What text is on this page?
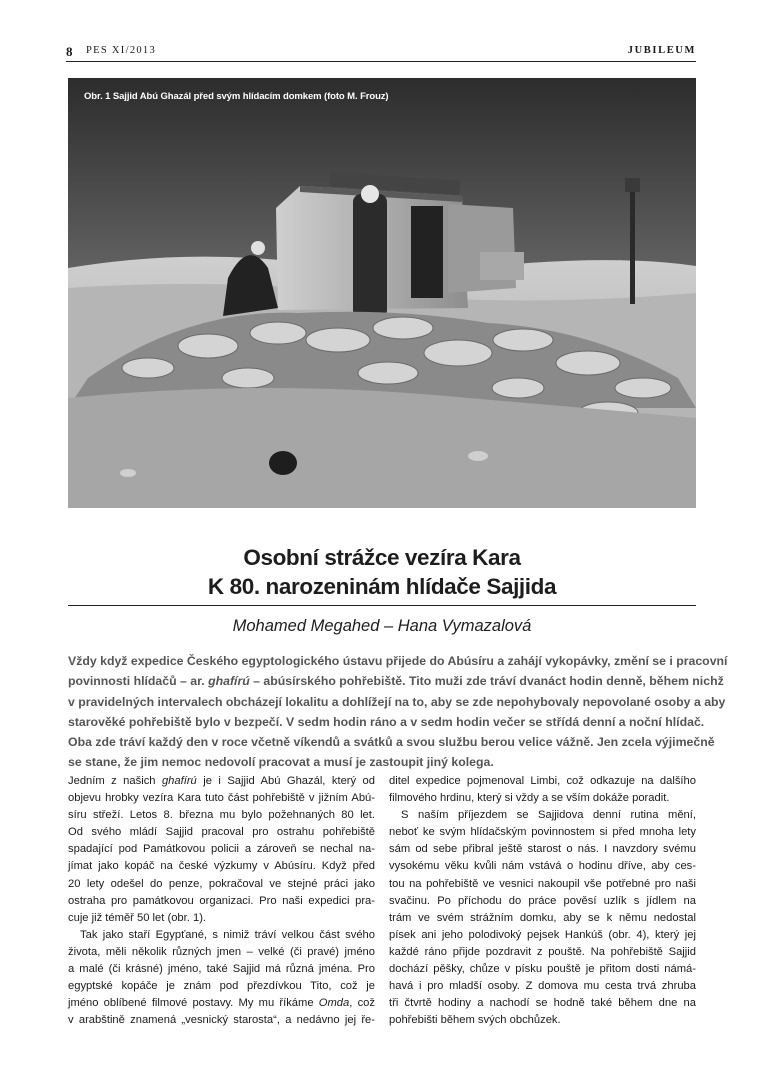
8 PES XI/2013	JUBILEUM
Obr. 1 Sajjid Abú Ghazál před svým hlídacím domkem (foto M. Frouz)
Osobní strážce vezíra Kara
K 80. narozeninám hlídače Sajjida
Mohamed Megahed – Hana Vymazalová
Vždy když expedice Českého egyptologického ústavu přijede do Abúsíru a zahájí vykopávky, změní se i pracovní
povinnosti hlídačů – ar. ghafírú – abúsírského pohřebiště. Tito muži zde tráví dvanáct hodin denně, během nichž
v pravidelných intervalech obcházejí lokalitu a dohlížejí na to, aby se zde nepohybovaly nepovolané osoby a aby
starověké pohřebiště bylo v bezpečí. V sedm hodin ráno a v sedm hodin večer se střídá denní a noční hlídač.
Oba zde tráví každý den v roce včetně víkendů a svátků a svou službu berou velice vážně. Jen zcela výjimečně
se stane, že jim nemoc nedovolí pracovat a musí je zastoupit jiný kolega.
Jedním z našich ghafírú je i Sajjid Abú Ghazál, který od
objevu hrobky vezíra Kara tuto část pohřebiště v jižním Abú-
síru střeží. Letos 8. března mu bylo požehnaných 80 let.
Od svého mládí Sajjid pracoval pro ostrahu pohřebiště
spadající pod Památkovou policii a zároveň se nechal na-
jímat jako kopáč na české výzkumy v Abúsíru. Když před
20 lety odešel do penze, pokračoval ve stejné práci jako
ostraha pro památkovou organizaci. Pro naši expedici pra-
cuje již téměř 50 let (obr. 1).
Tak jako staří Egypťané, s nimiž tráví velkou část svého
života, měli několik různých jmen – velké (či pravé) jméno
a malé (či krásné) jméno, také Sajjid má různá jména. Pro
egyptské kopáče je znám pod přezdívkou Tito, což je
jméno oblíbené filmové postavy. My mu říkáme Omda, což
v arabštině znamená „vesnický starosta“, a nedávno jej ře-
ditel expedice pojmenoval Limbi, což odkazuje na dalšího
filmového hrdinu, který si vždy a se vším dokáže poradit.
S naším příjezdem se Sajjidova denní rutina mění,
neboť ke svým hlídačským povinnostem si před mnoha lety
sám od sebe přibral ještě starost o nás. I navzdory svému
vysokému věku kvůli nám vstává o hodinu dříve, aby ces-
tou na pohřebiště ve vesnici nakoupil vše potřebné pro naši
svačinu. Po příchodu do práce pověsí uzlík s jídlem na
trám ve svém strážním domku, aby se k němu nedostal
písek ani jeho polodivoký pejsek Hankúš (obr. 4), který jej
každé ráno přijde pozdravit z pouště. Na pohřebiště Sajjid
dochází pěšky, chůze v písku pouště je přitom dosti námá-
havá i pro mladší osoby. Z domova mu cesta trvá zhruba
tři čtvrtě hodiny a nachodí se hodně také během dne na
pohřebišti během svých obchůzek.
